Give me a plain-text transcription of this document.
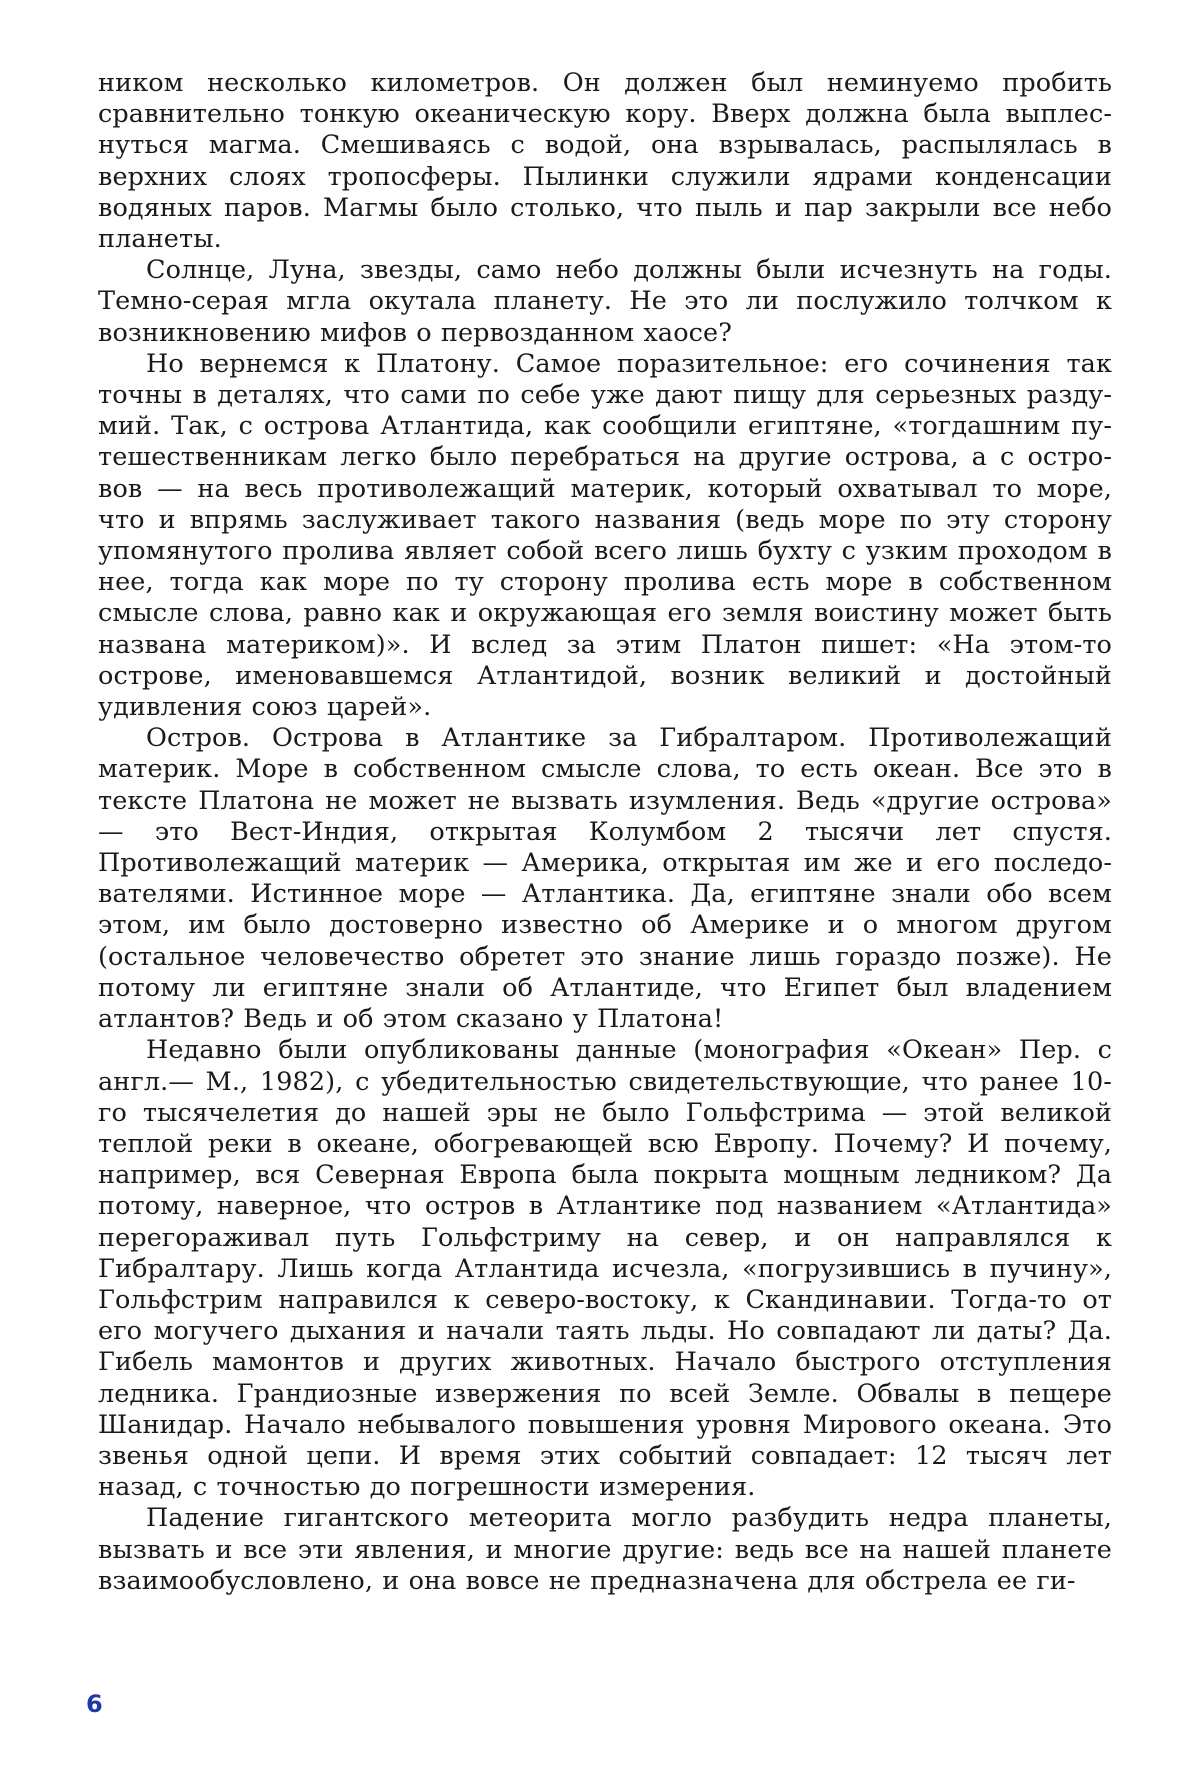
ником несколько километров. Он должен был неминуемо пробить сравнительно тонкую океаническую кору. Вверх должна была выплеснуться магма. Смешиваясь с водой, она взрывалась, распылялась в верхних слоях тропосферы. Пылинки служили ядрами конденсации водяных паров. Магмы было столько, что пыль и пар закрыли все небо планеты.

Солнце, Луна, звезды, само небо должны были исчезнуть на годы. Темно-серая мгла окутала планету. Не это ли послужило толчком к возникновению мифов о первозданном хаосе?

Но вернемся к Платону. Самое поразительное: его сочинения так точны в деталях, что сами по себе уже дают пищу для серьезных раздумий. Так, с острова Атлантида, как сообщили египтяне, «тогдашним путешественникам легко было перебраться на другие острова, а с островов — на весь противолежащий материк, который охватывал то море, что и впрямь заслуживает такого названия (ведь море по эту сторону упомянутого пролива являет собой всего лишь бухту с узким проходом в нее, тогда как море по ту сторону пролива есть море в собственном смысле слова, равно как и окружающая его земля воистину может быть названа материком)». И вслед за этим Платон пишет: «На этом-то острове, именовавшемся Атлантидой, возник великий и достойный удивления союз царей».

Остров. Острова в Атлантике за Гибралтаром. Противолежащий материк. Море в собственном смысле слова, то есть океан. Все это в тексте Платона не может не вызвать изумления. Ведь «другие острова» — это Вест-Индия, открытая Колумбом 2 тысячи лет спустя. Противолежащий материк — Америка, открытая им же и его последователями. Истинное море — Атлантика. Да, египтяне знали обо всем этом, им было достоверно известно об Америке и о многом другом (остальное человечество обретет это знание лишь гораздо позже). Не потому ли египтяне знали об Атлантиде, что Египет был владением атлантов? Ведь и об этом сказано у Платона!

Недавно были опубликованы данные (монография «Океан» Пер. с англ.— М., 1982), с убедительностью свидетельствующие, что ранее 10-го тысячелетия до нашей эры не было Гольфстрима — этой великой теплой реки в океане, обогревающей всю Европу. Почему? И почему, например, вся Северная Европа была покрыта мощным ледником? Да потому, наверное, что остров в Атлантике под названием «Атлантида» перегораживал путь Гольфстриму на север, и он направлялся к Гибралтару. Лишь когда Атлантида исчезла, «погрузившись в пучину», Гольфстрим направился к северо-востоку, к Скандинавии. Тогда-то от его могучего дыхания и начали таять льды. Но совпадают ли даты? Да. Гибель мамонтов и других животных. Начало быстрого отступления ледника. Грандиозные извержения по всей Земле. Обвалы в пещере Шанидар. Начало небывалого повышения уровня Мирового океана. Это звенья одной цепи. И время этих событий совпадает: 12 тысяч лет назад, с точностью до погрешности измерения.

Падение гигантского метеорита могло разбудить недра планеты, вызвать и все эти явления, и многие другие: ведь все на нашей планете взаимообусловлено, и она вовсе не предназначена для обстрела ее ги-

6
